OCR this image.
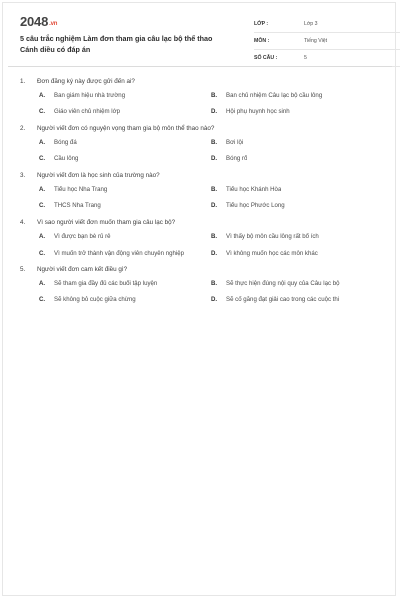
2048.vn
5 câu trắc nghiệm Làm đơn tham gia câu lạc bộ thể thao Cánh diều có đáp án
LỚP :	Lớp 3
MÔN :	Tiếng Việt
SỐ CÂU :	5
1.	Đơn đăng ký này được gửi đến ai?
A.	Ban giám hiệu nhà trường	B.	Ban chủ nhiệm Câu lạc bộ cầu lông
C.	Giáo viên chủ nhiệm lớp	D.	Hội phụ huynh học sinh
2.	Người viết đơn có nguyện vọng tham gia bộ môn thể thao nào?
A.	Bóng đá	B.	Bơi lội
C.	Cầu lông	D.	Bóng rổ
3.	Người viết đơn là học sinh của trường nào?
A.	Tiểu học Nha Trang	B.	Tiểu học Khánh Hòa
C.	THCS Nha Trang	D.	Tiểu học Phước Long
4.	Vì sao người viết đơn muốn tham gia câu lạc bộ?
A.	Vì được bạn bè rủ rê	B.	Vì thấy bộ môn cầu lông rất bổ ích
C.	Vì muốn trở thành vận động viên chuyên nghiệp	D.	Vì không muốn học các môn khác
5.	Người viết đơn cam kết điều gì?
A.	Sẽ tham gia đầy đủ các buổi tập luyện	B.	Sẽ thực hiện đúng nội quy của Câu lạc bộ
C.	Sẽ không bỏ cuộc giữa chừng	D.	Sẽ cố gắng đạt giải cao trong các cuộc thi
